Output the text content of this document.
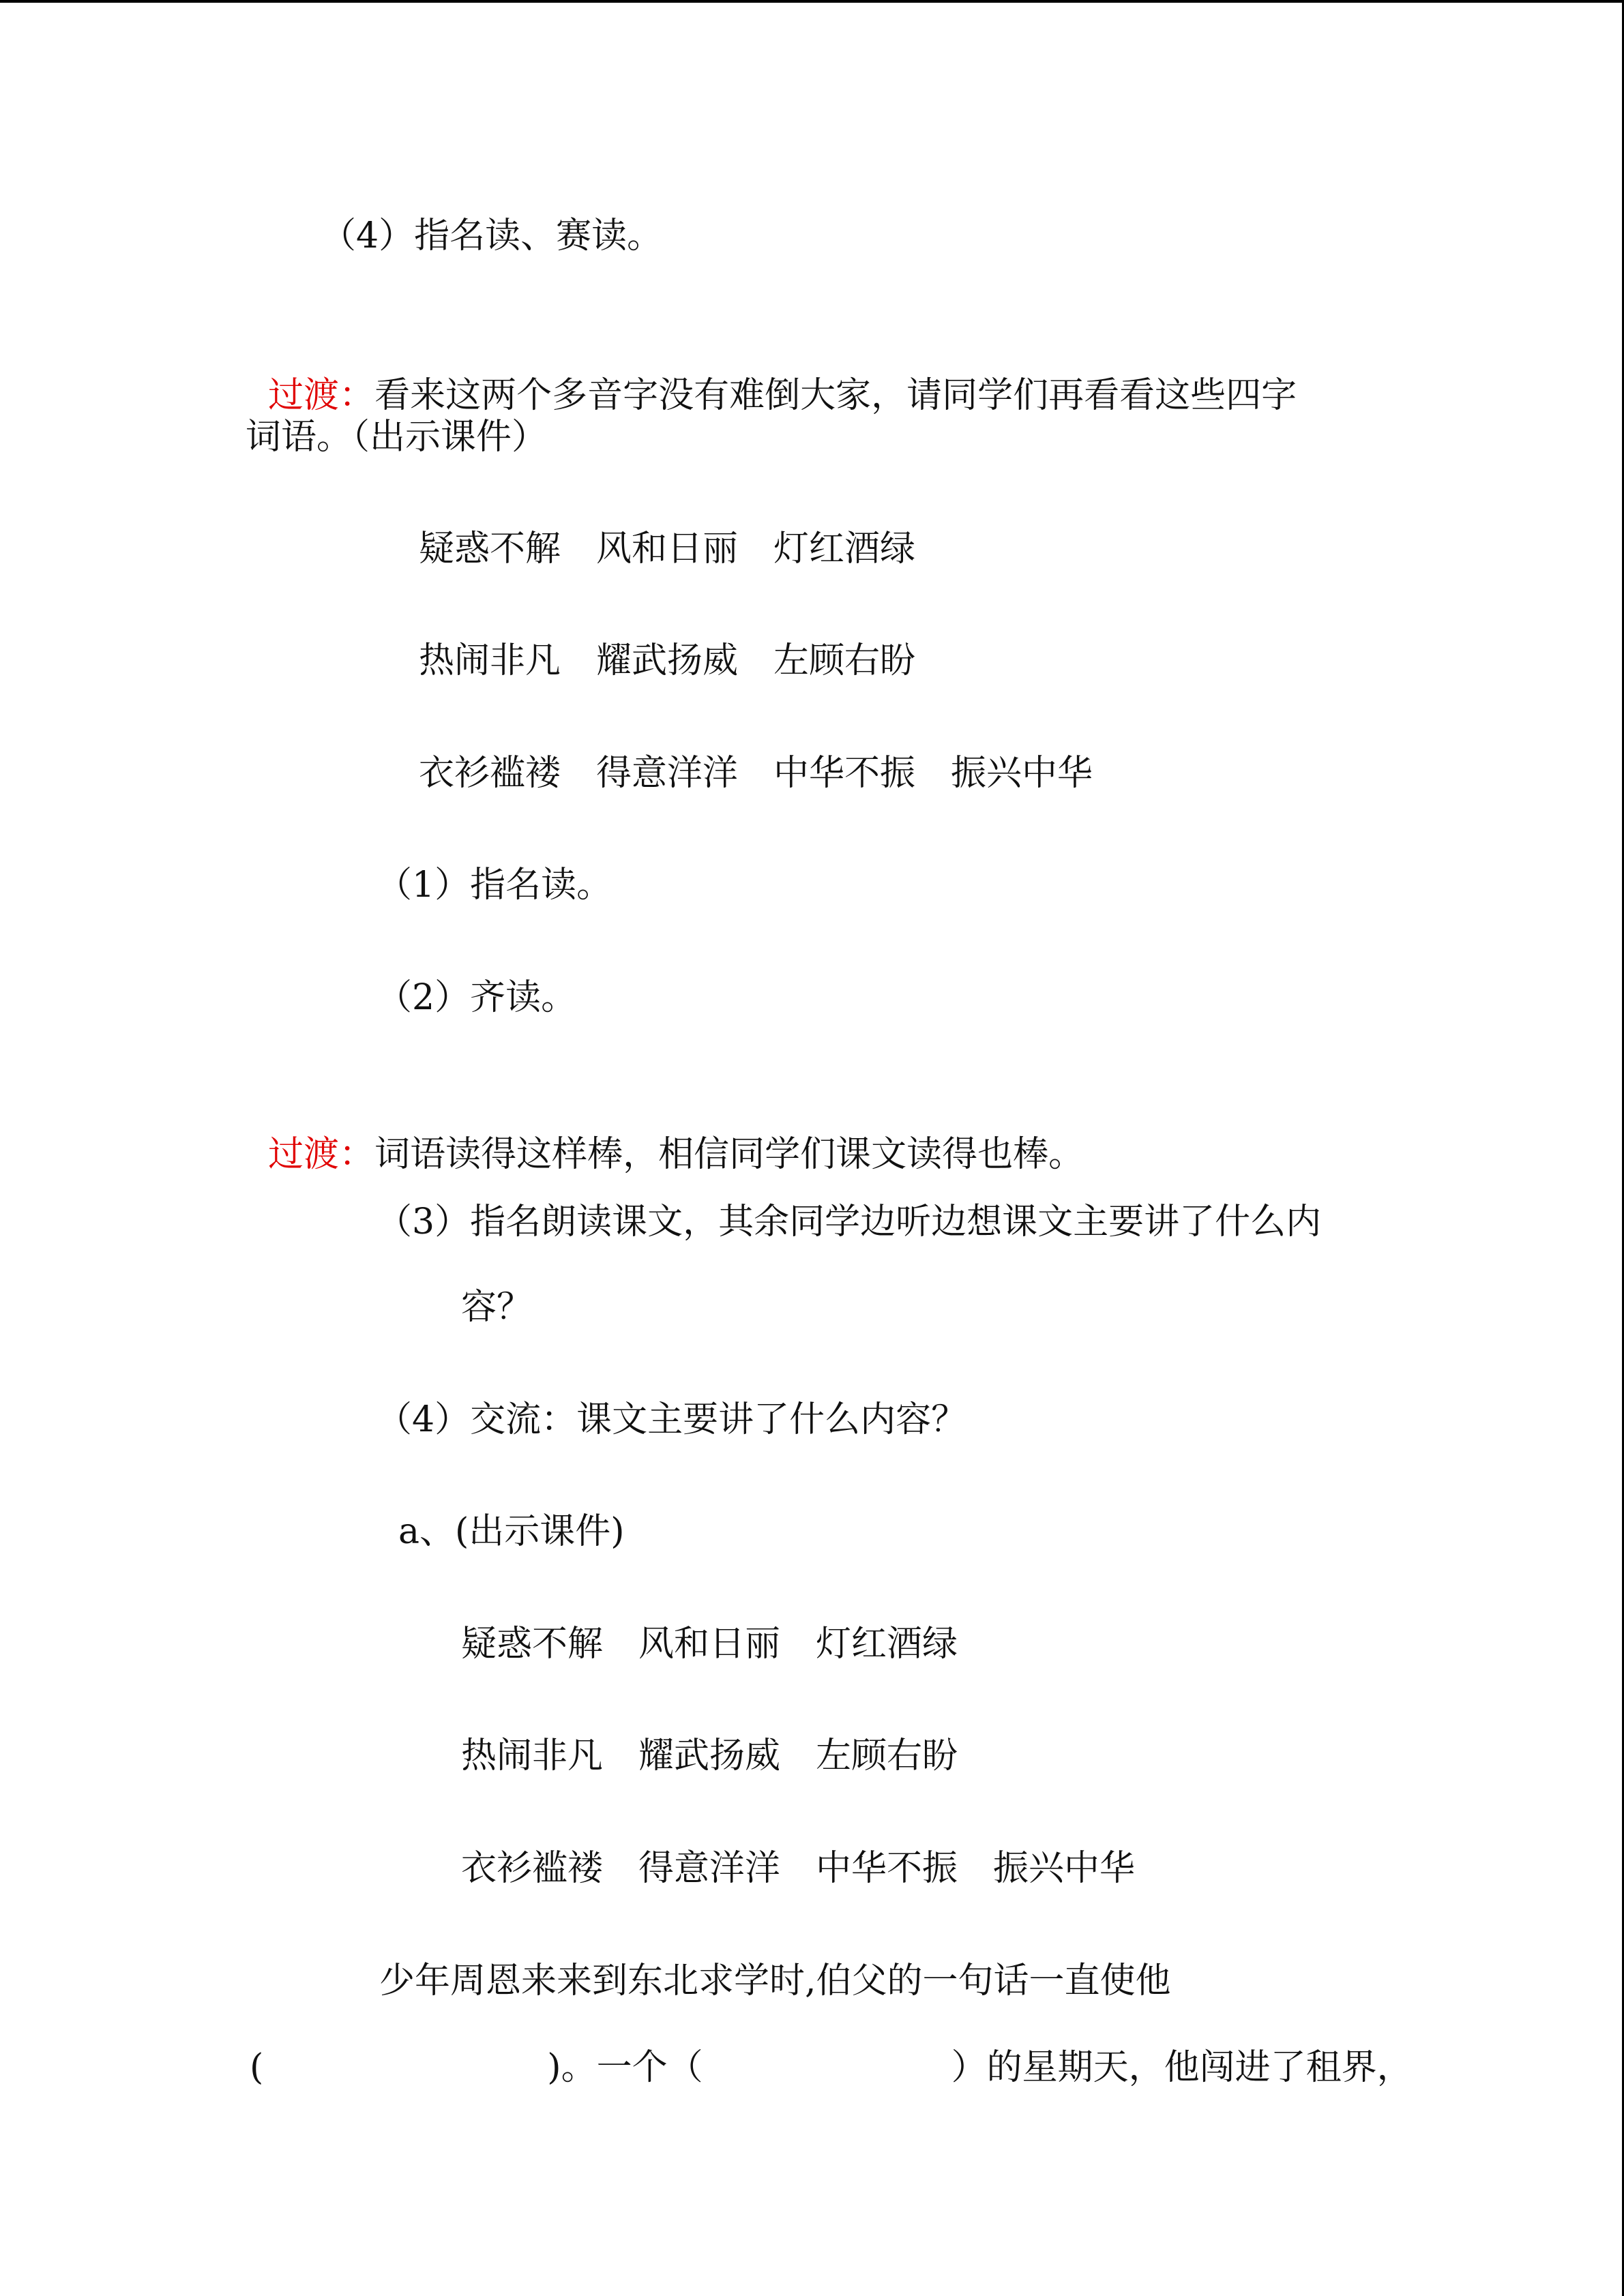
（4）指名读、赛读。

过渡：看来这两个多音字没有难倒大家，请同学们再看看这些四字

词语。（出示课件）
疑惑不解　风和日丽　灯红酒绿
热闹非凡　耀武扬威　左顾右盼
衣衫褴褛　得意洋洋　中华不振　振兴中华
（1）指名读。
（2）齐读。

过渡：词语读得这样棒，相信同学们课文读得也棒。

（3）指名朗读课文，其余同学边听边想课文主要讲了什么内
容？
（4）交流：课文主要讲了什么内容？
a、(出示课件)
疑惑不解　风和日丽　灯红酒绿
热闹非凡　耀武扬威　左顾右盼
衣衫褴褛　得意洋洋　中华不振　振兴中华
少年周恩来来到东北求学时,伯父的一句话一直使他
(　　　　　　　　)。一个（　　　　　　　）的星期天，他闯进了租界，
